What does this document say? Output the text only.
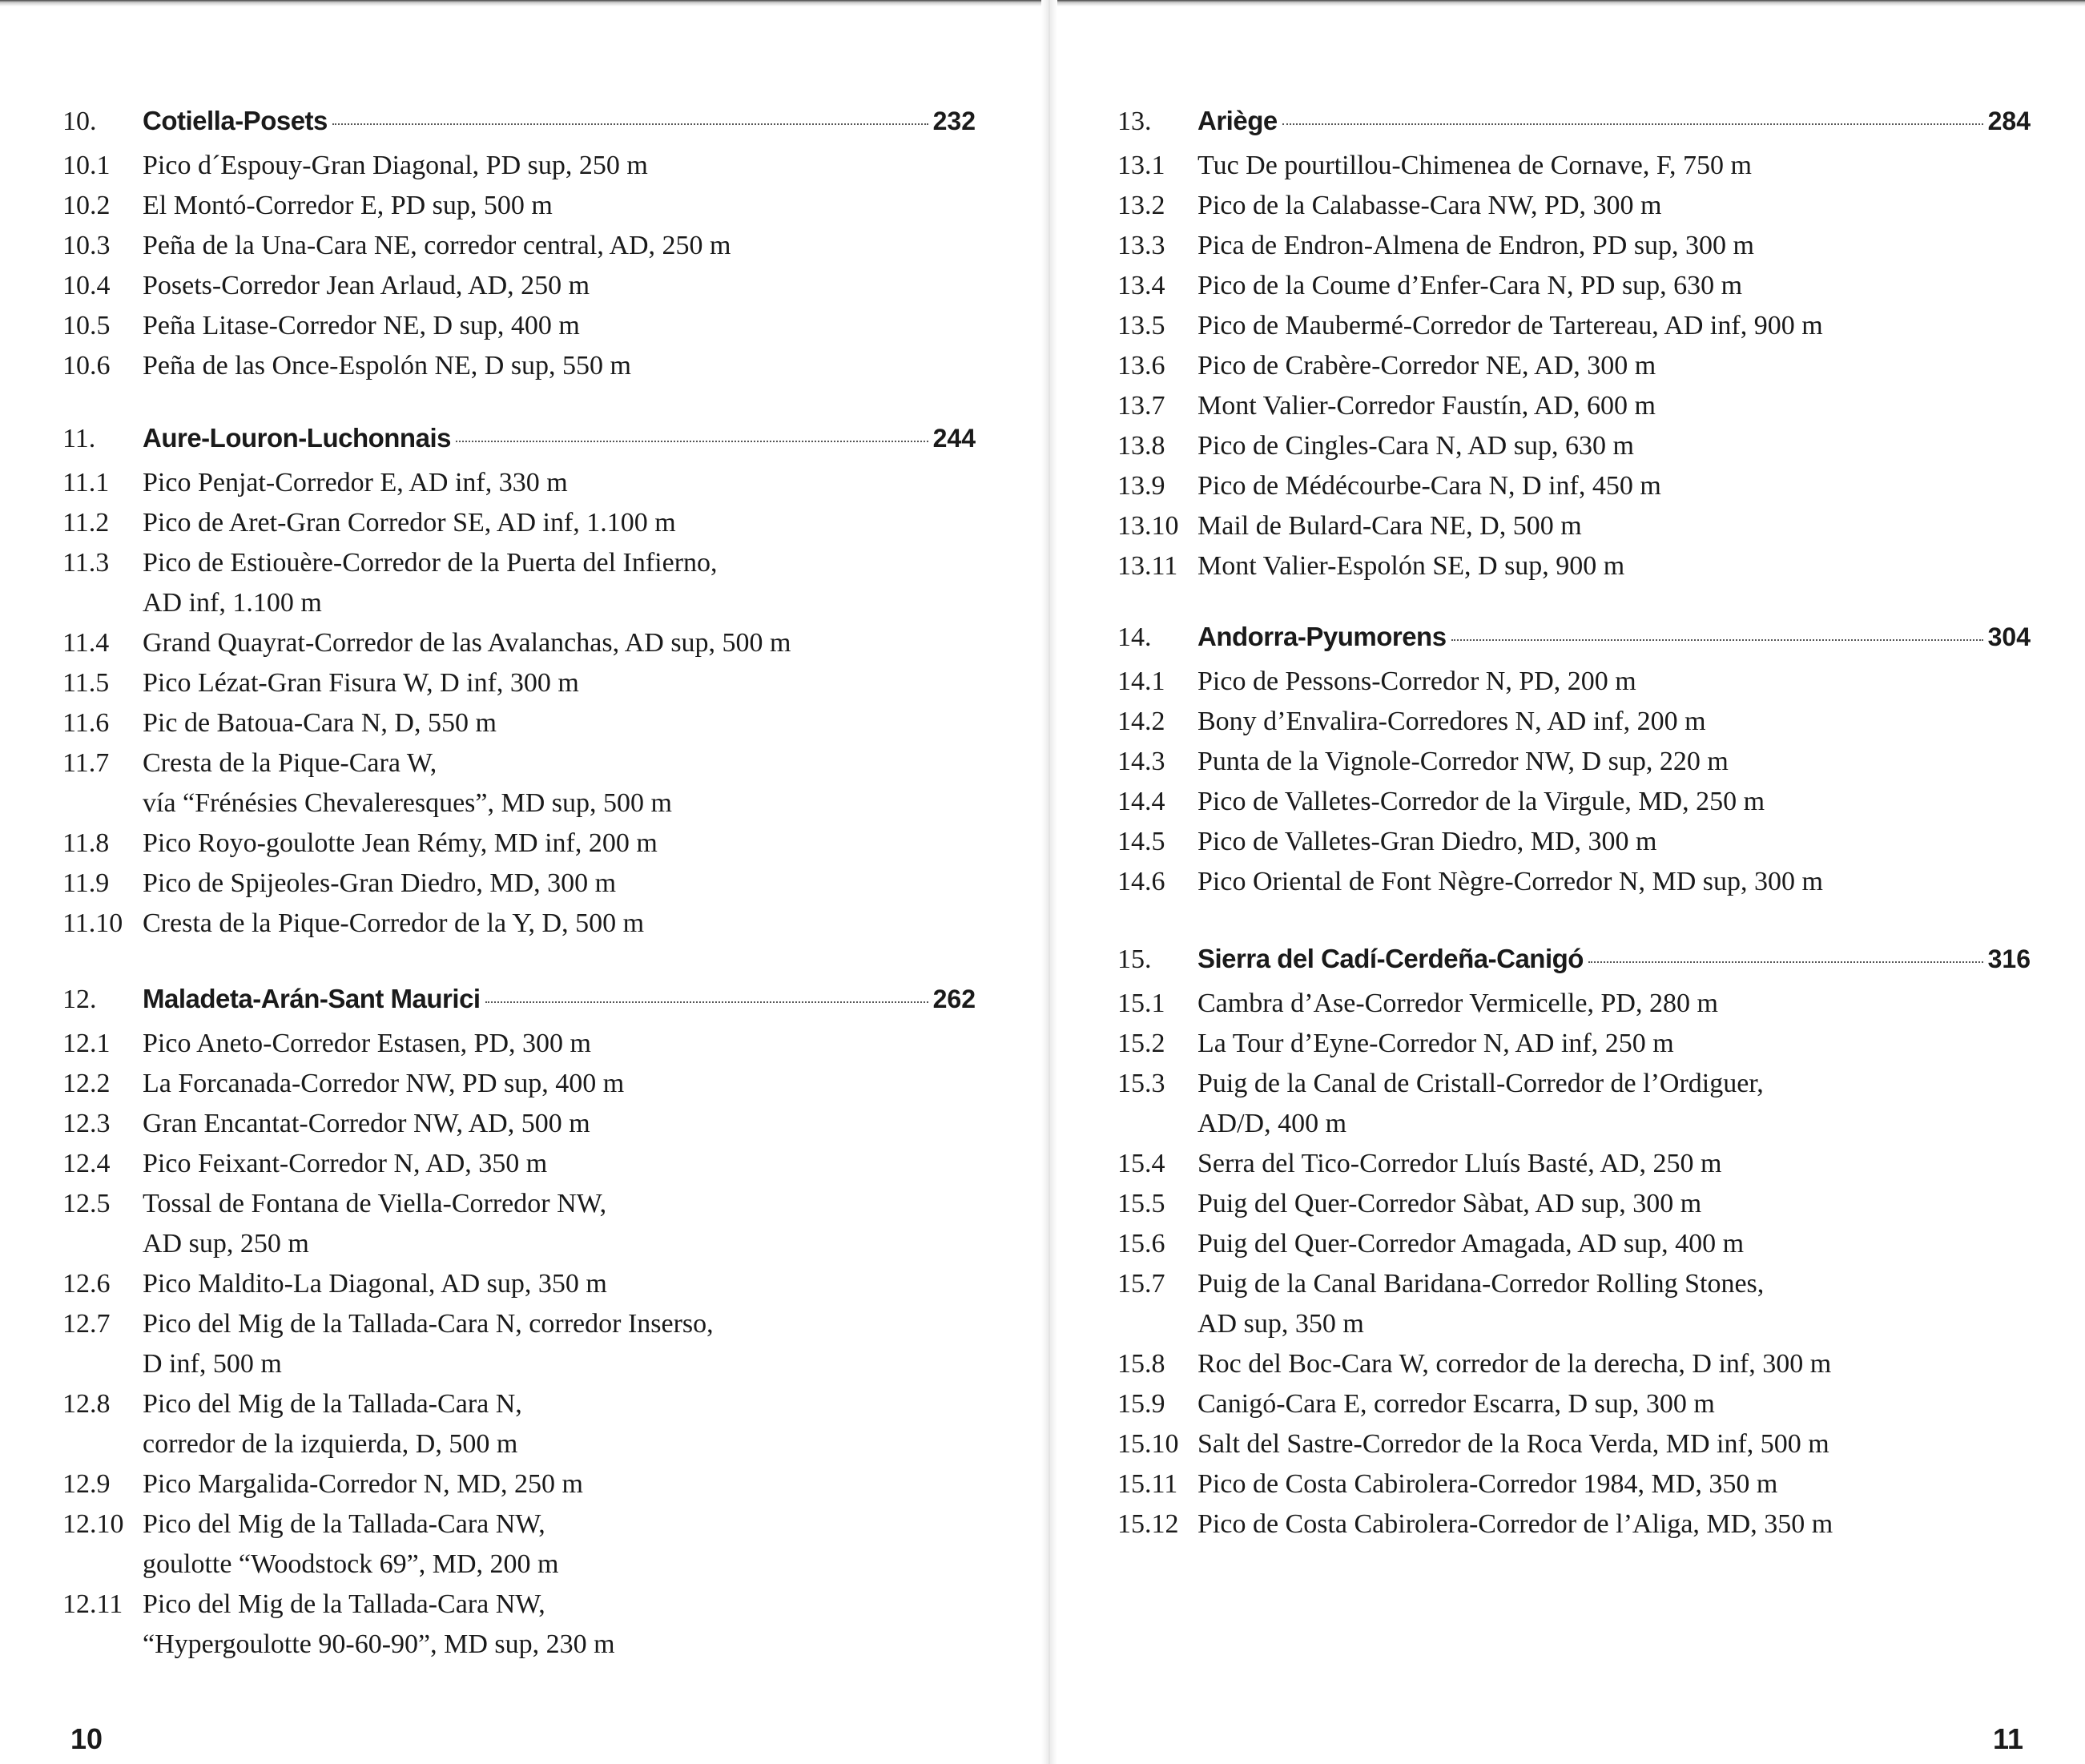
10.	Cotiella-Posets	232
10.1	Pico d´Espouy-Gran Diagonal, PD sup, 250 m
10.2	El Montó-Corredor E, PD sup, 500 m
10.3	Peña de la Una-Cara NE, corredor central, AD, 250 m
10.4	Posets-Corredor Jean Arlaud, AD, 250 m
10.5	Peña Litase-Corredor NE, D sup, 400 m
10.6	Peña de las Once-Espolón NE, D sup, 550 m
11.	Aure-Louron-Luchonnais	244
11.1	Pico Penjat-Corredor E, AD inf, 330 m
11.2	Pico de Aret-Gran Corredor SE, AD inf, 1.100 m
11.3	Pico de Estiouère-Corredor de la Puerta del Infierno,
AD inf, 1.100 m
11.4	Grand Quayrat-Corredor de las Avalanchas, AD sup, 500 m
11.5	Pico Lézat-Gran Fisura W, D inf, 300 m
11.6	Pic de Batoua-Cara N, D, 550 m
11.7	Cresta de la Pique-Cara W,
vía “Frénésies Chevaleresques”, MD sup, 500 m
11.8	Pico Royo-goulotte Jean Rémy, MD inf, 200 m
11.9	Pico de Spijeoles-Gran Diedro, MD, 300 m
11.10 Cresta de la Pique-Corredor de la Y, D, 500 m
12.	Maladeta-Arán-Sant Maurici	262
12.1	Pico Aneto-Corredor Estasen, PD, 300 m
12.2	La Forcanada-Corredor NW, PD sup, 400 m
12.3	Gran Encantat-Corredor NW, AD, 500 m
12.4	Pico Feixant-Corredor N, AD, 350 m
12.5	Tossal de Fontana de Viella-Corredor NW,
AD sup, 250 m
12.6	Pico Maldito-La Diagonal, AD sup, 350 m
12.7	Pico del Mig de la Tallada-Cara N, corredor Inserso,
D inf, 500 m
12.8	Pico del Mig de la Tallada-Cara N,
corredor de la izquierda, D, 500 m
12.9	Pico Margalida-Corredor N, MD, 250 m
12.10 Pico del Mig de la Tallada-Cara NW,
goulotte “Woodstock 69”, MD, 200 m
12.11 Pico del Mig de la Tallada-Cara NW,
“Hypergoulotte 90-60-90”, MD sup, 230 m
13.	Ariège	284
13.1	Tuc De pourtillou-Chimenea de Cornave, F, 750 m
13.2	Pico de la Calabasse-Cara NW, PD, 300 m
13.3	Pica de Endron-Almena de Endron, PD sup, 300 m
13.4	Pico de la Coume d’Enfer-Cara N, PD sup, 630 m
13.5	Pico de Maubermé-Corredor de Tartereau, AD inf, 900 m
13.6	Pico de Crabère-Corredor NE, AD, 300 m
13.7	Mont Valier-Corredor Faustín, AD, 600 m
13.8	Pico de Cingles-Cara N, AD sup, 630 m
13.9	Pico de Médécourbe-Cara N, D inf, 450 m
13.10 Mail de Bulard-Cara NE, D, 500 m
13.11 Mont Valier-Espolón SE, D sup, 900 m
14.	Andorra-Pyumorens	304
14.1	Pico de Pessons-Corredor N, PD, 200 m
14.2	Bony d’Envalira-Corredores N, AD inf, 200 m
14.3	Punta de la Vignole-Corredor NW, D sup, 220 m
14.4	Pico de Valletes-Corredor de la Virgule, MD, 250 m
14.5	Pico de Valletes-Gran Diedro, MD, 300 m
14.6	Pico Oriental de Font Nègre-Corredor N, MD sup, 300 m
15.	Sierra del Cadí-Cerdeña-Canigó	316
15.1	Cambra d’Ase-Corredor Vermicelle, PD, 280 m
15.2	La Tour d’Eyne-Corredor N, AD inf, 250 m
15.3	Puig de la Canal de Cristall-Corredor de l’Ordiguer,
AD/D, 400 m
15.4	Serra del Tico-Corredor Lluís Basté, AD, 250 m
15.5	Puig del Quer-Corredor Sàbat, AD sup, 300 m
15.6	Puig del Quer-Corredor Amagada, AD sup, 400 m
15.7	Puig de la Canal Baridana-Corredor Rolling Stones,
AD sup, 350 m
15.8	Roc del Boc-Cara W, corredor de la derecha, D inf, 300 m
15.9	Canigó-Cara E, corredor Escarra, D sup, 300 m
15.10 Salt del Sastre-Corredor de la Roca Verda, MD inf, 500 m
15.11 Pico de Costa Cabirolera-Corredor 1984, MD, 350 m
15.12 Pico de Costa Cabirolera-Corredor de l’Aliga, MD, 350 m
10	11
